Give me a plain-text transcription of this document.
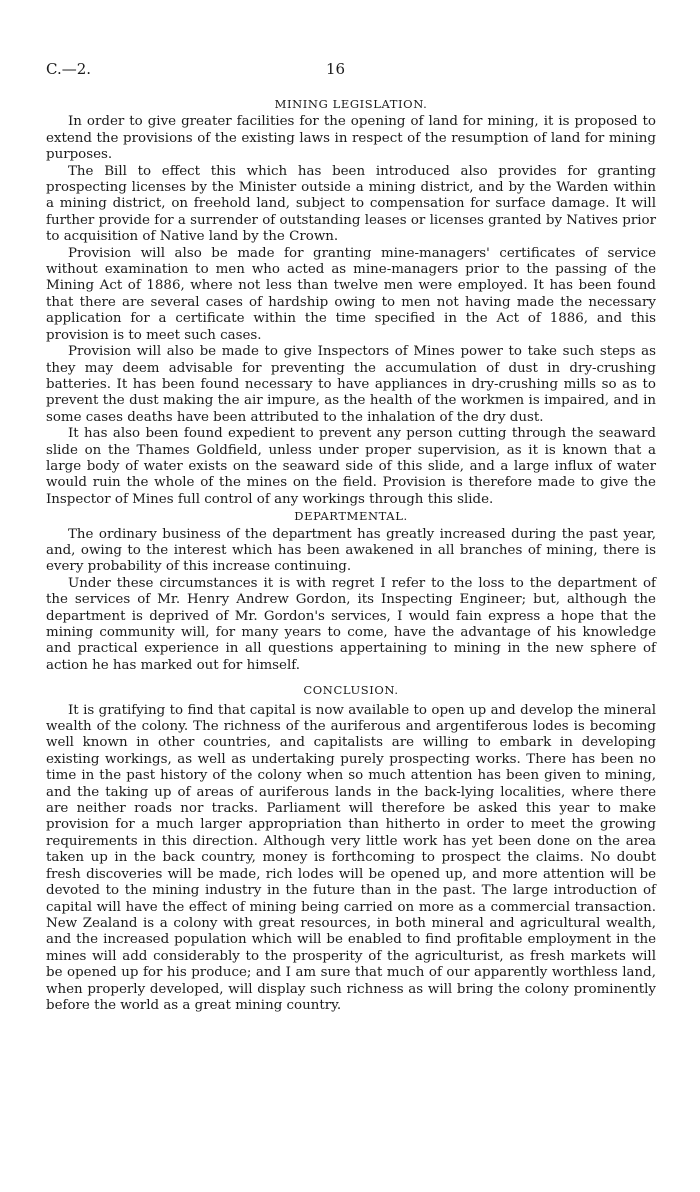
C.—2.	16
MINING LEGISLATION.

In order to give greater facilities for the opening of land for mining, it is proposed to extend the provisions of the existing laws in respect of the resumption of land for mining purposes.

The Bill to effect this which has been introduced also provides for granting prospecting licenses by the Minister outside a mining district, and by the Warden within a mining district, on freehold land, subject to compensation for surface damage. It will further provide for a surrender of outstanding leases or licenses granted by Natives prior to acquisition of Native land by the Crown.

Provision will also be made for granting mine-managers' certificates of service without examination to men who acted as mine-managers prior to the passing of the Mining Act of 1886, where not less than twelve men were employed. It has been found that there are several cases of hardship owing to men not having made the necessary application for a certificate within the time specified in the Act of 1886, and this provision is to meet such cases.

Provision will also be made to give Inspectors of Mines power to take such steps as they may deem advisable for preventing the accumulation of dust in dry-crushing batteries. It has been found necessary to have appliances in dry-crushing mills so as to prevent the dust making the air impure, as the health of the workmen is impaired, and in some cases deaths have been attributed to the inhalation of the dry dust.

It has also been found expedient to prevent any person cutting through the seaward slide on the Thames Goldfield, unless under proper supervision, as it is known that a large body of water exists on the seaward side of this slide, and a large influx of water would ruin the whole of the mines on the field. Provision is therefore made to give the Inspector of Mines full control of any workings through this slide.

DEPARTMENTAL.

The ordinary business of the department has greatly increased during the past year, and, owing to the interest which has been awakened in all branches of mining, there is every probability of this increase continuing.

Under these circumstances it is with regret I refer to the loss to the department of the services of Mr. Henry Andrew Gordon, its Inspecting Engineer; but, although the department is deprived of Mr. Gordon's services, I would fain express a hope that the mining community will, for many years to come, have the advantage of his knowledge and practical experience in all questions appertaining to mining in the new sphere of action he has marked out for himself.

CONCLUSION.

It is gratifying to find that capital is now available to open up and develop the mineral wealth of the colony. The richness of the auriferous and argentiferous lodes is becoming well known in other countries, and capitalists are willing to embark in developing existing workings, as well as undertaking purely prospecting works. There has been no time in the past history of the colony when so much attention has been given to mining, and the taking up of areas of auriferous lands in the back-lying localities, where there are neither roads nor tracks. Parliament will therefore be asked this year to make provision for a much larger appropriation than hitherto in order to meet the growing requirements in this direction. Although very little work has yet been done on the area taken up in the back country, money is forthcoming to prospect the claims. No doubt fresh discoveries will be made, rich lodes will be opened up, and more attention will be devoted to the mining industry in the future than in the past. The large introduction of capital will have the effect of mining being carried on more as a commercial transaction. New Zealand is a colony with great resources, in both mineral and agricultural wealth, and the increased population which will be enabled to find profitable employment in the mines will add considerably to the prosperity of the agriculturist, as fresh markets will be opened up for his produce; and I am sure that much of our apparently worthless land, when properly developed, will display such richness as will bring the colony prominently before the world as a great mining country.
